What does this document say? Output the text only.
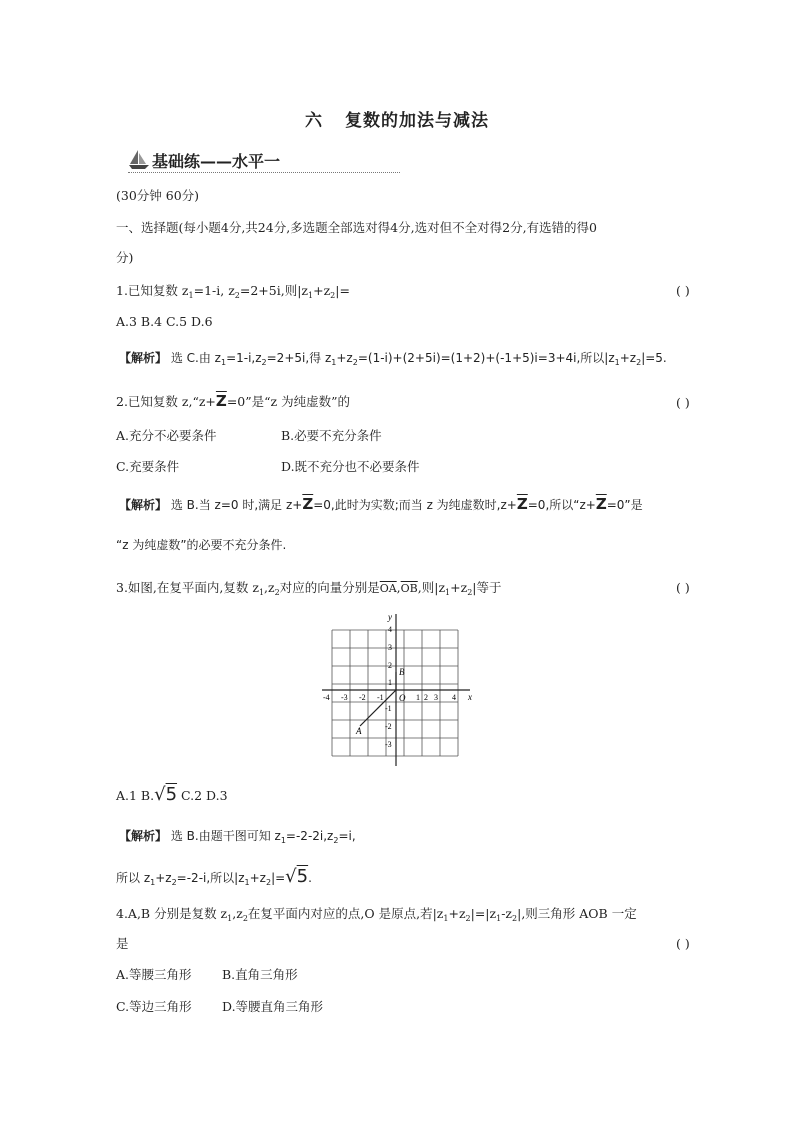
六 复数的加法与减法
基础练——水平一
(30分钟 60分)
一、选择题(每小题4分,共24分,多选题全部选对得4分,选对但不全对得2分,有选错的得0
分)
1.已知复数 $z_1=1-i$, $z_2=2+5i$,则$|z_1+z_2|=$	( )
A.3 B.4 C.5 D.6
【解析】 选 C.由 $z_1=1-i,z_2=2+5i$,得 $z_1+z_2=(1-i)+(2+5i)=(1+2)+(-1+5)i=3+4i$,所以$|z_1+z_2|=5$.
2.已知复数 $z,“z+\overline{Z}=0$”是“z 为纯虚数”的	( )
A.充分不必要条件	B.必要不充分条件
C.充要条件	D.既不充分也不必要条件
【解析】 选 B.当 z=0 时,满足 $z+\overline{Z}=0$,此时为实数;而当 z 为纯虚数时$,z+\overline{Z}=0$,所以“$z+\overline{Z}=0$”是
“z 为纯虚数”的必要不充分条件.
3.如图,在复平面内,复数 $z_1,z_2$对应的向量分别是$\overline{OA},\overline{OB}$,则$|z_1+z_2|$等于	( )
y
x
O
A
B
-4 -3 -2 -1	1 2 3 4
4
3
2
1
-1
-2
-3
A.1 B.√5 C.2 D.3
【解析】 选 B.由题干图可知 $z_1=-2-2i,z_2=i$,
所以 $z_1+z_2=-2-i$,所以$|z_1+z_2|=√5$.
4.A,B 分别是复数 $z_1,z_2$在复平面内对应的点,O 是原点,若$|z_1+z_2|=|z_1-z_2|$,则三角形 AOB 一定
是	( )
A.等腰三角形 B.直角三角形
C.等边三角形 D.等腰直角三角形
